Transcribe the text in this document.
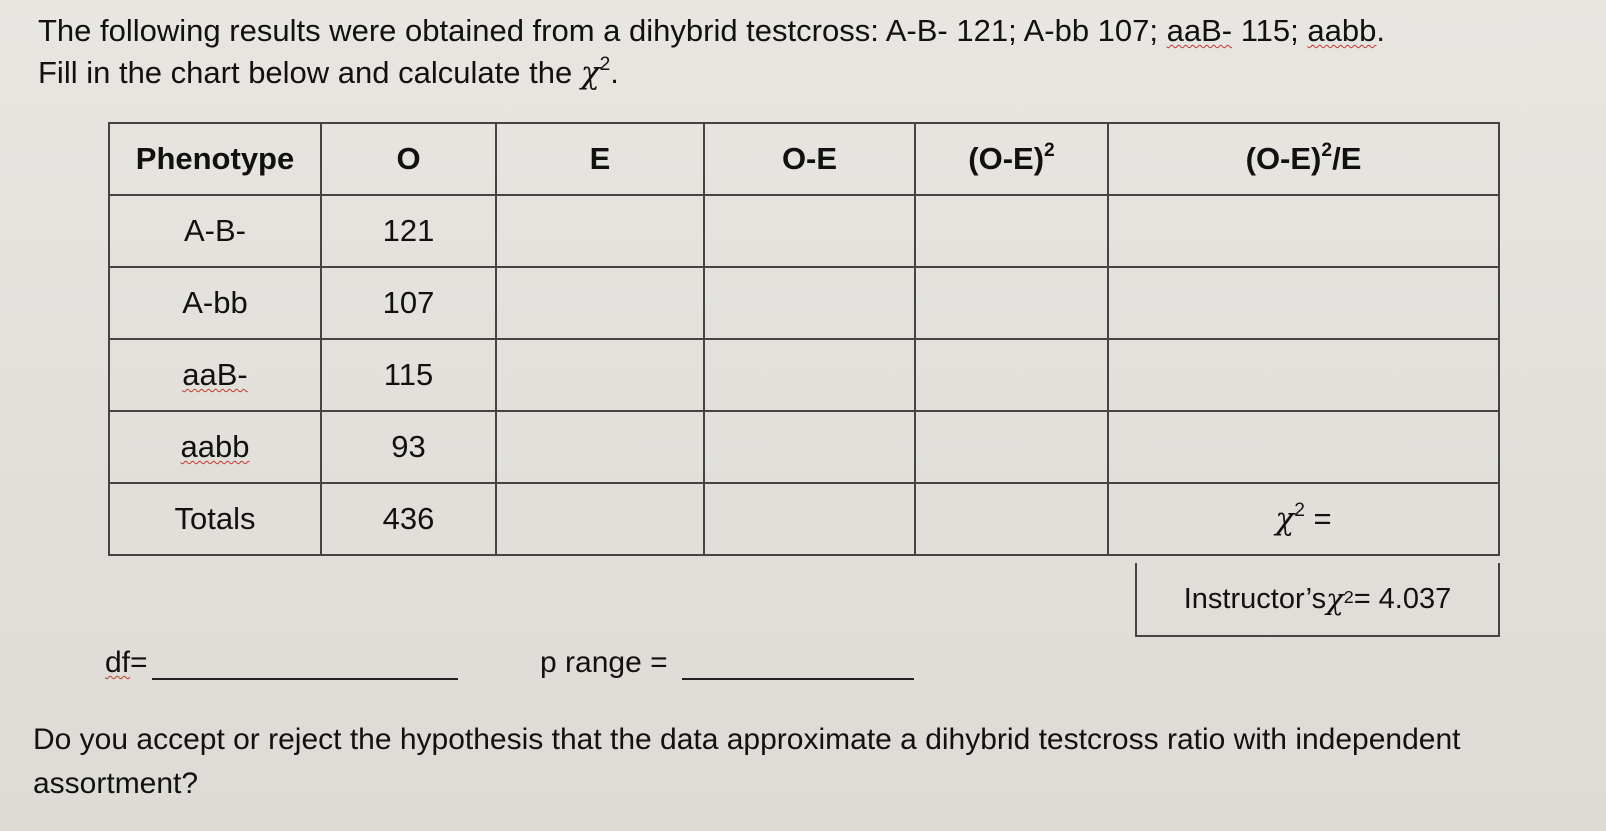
The following results were obtained from a dihybrid testcross: A-B- 121; A-bb 107; aaB- 115; aabb.
Fill in the chart below and calculate the $\chi^2$.
Phenotype	O	E	O-E	$(O-E)^2$	$(O-E)^2/E$
A-B-	121				
A-bb	107				
aaB-	115				
aabb	93				
Totals	436				$\chi^2$ =
Instructor’s $\chi^2 = 4.037$
df =	p range =
Do you accept or reject the hypothesis that the data approximate a dihybrid testcross ratio with independent assortment?
